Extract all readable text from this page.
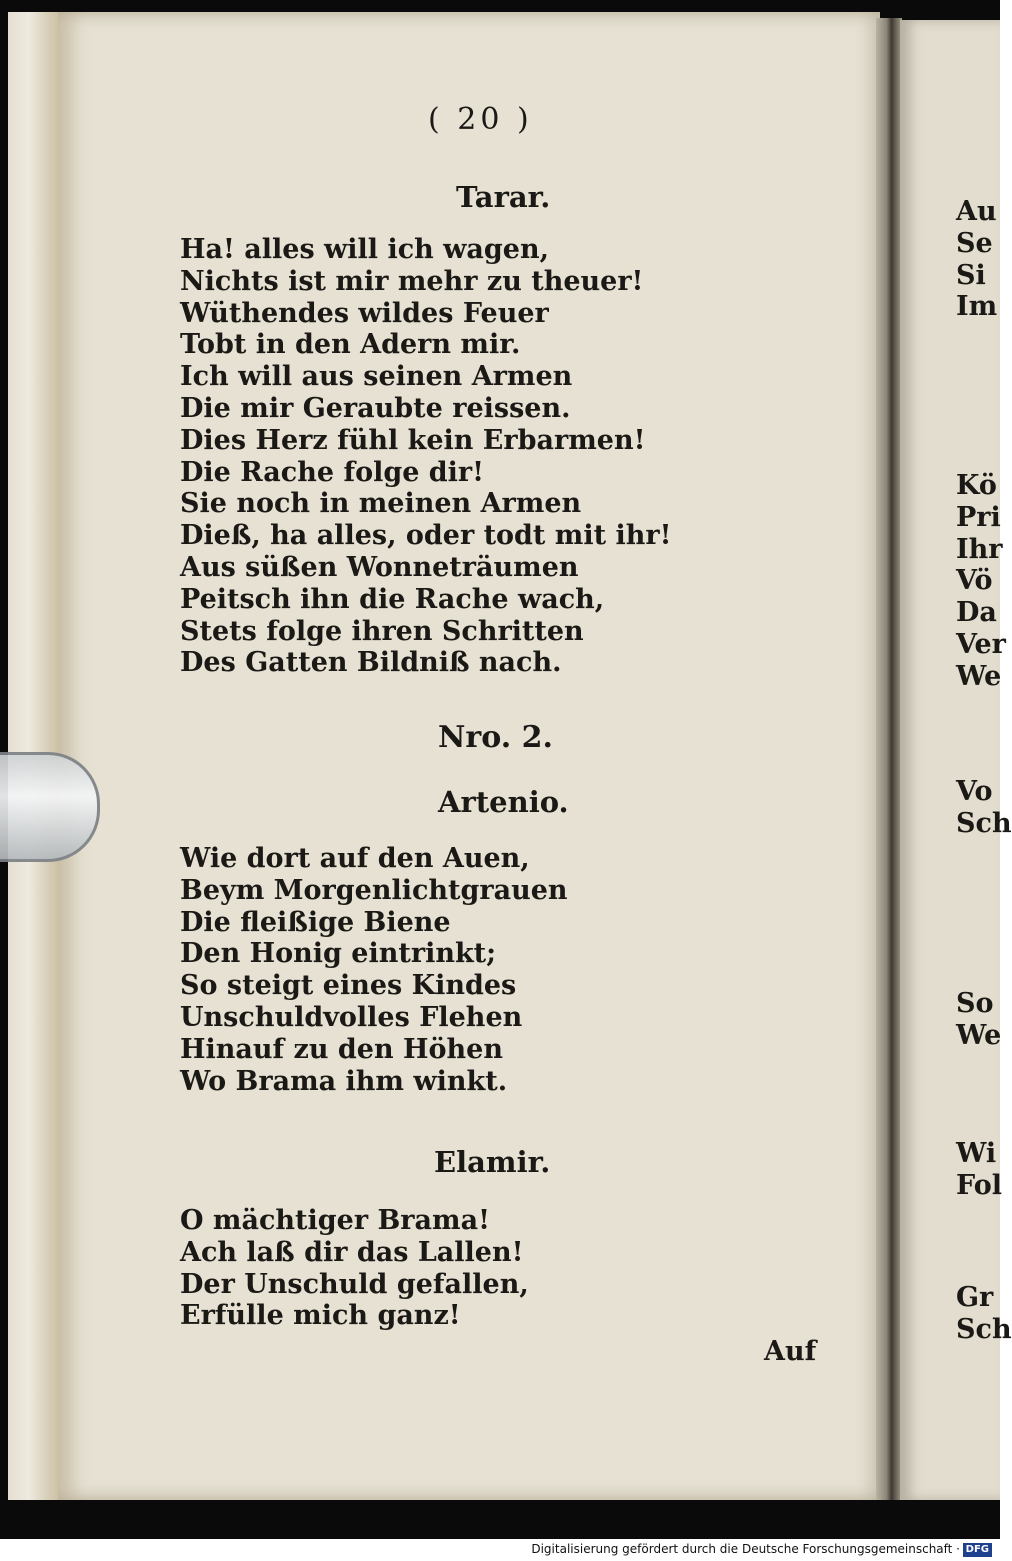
( 20 )
Tarar.
Ha! alles will ich wagen,
Nichts ist mir mehr zu theuer!
Wüthendes wildes Feuer
Tobt in den Adern mir.
Ich will aus seinen Armen
Die mir Geraubte reissen.
Dies Herz fühl kein Erbarmen!
Die Rache folge dir!
Sie noch in meinen Armen
Dieß, ha alles, oder todt mit ihr!
Aus süßen Wonneträumen
Peitsch ihn die Rache wach,
Stets folge ihren Schritten
Des Gatten Bildniß nach.
Nro. 2.
Artenio.
Wie dort auf den Auen,
Beym Morgenlichtgrauen
Die fleißige Biene
Den Honig eintrinkt;
So steigt eines Kindes
Unschuldvolles Flehen
Hinauf zu den Höhen
Wo Brama ihm winkt.
Elamir.
O mächtiger Brama!
Ach laß dir das Lallen!
Der Unschuld gefallen,
Erfülle mich ganz!
Auf
Au
Se
Si
Im
Kö
Pri
Ihr
Vö
Da
Ver
We
Vo
Sch
So
We
Wi
Fol
Gr
Sch
Digitalisierung gefördert durch die Deutsche Forschungsgemeinschaft · DFG
